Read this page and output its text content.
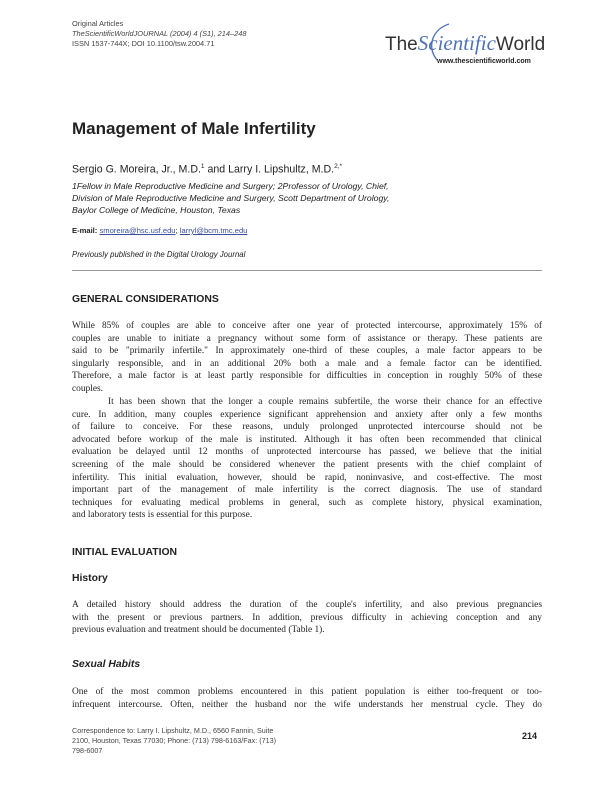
Original Articles
TheScientificWorldJOURNAL (2004) 4 (S1), 214–248
ISSN 1537-744X; DOI 10.1100/tsw.2004.71	TheScientificWorld
www.thescientificworld.com
Management of Male Infertility
Sergio G. Moreira, Jr., M.D.$^1$ and Larry I. Lipshultz, M.D.$^{2,*}$
1Fellow in Male Reproductive Medicine and Surgery; 2Professor of Urology, Chief,
Division of Male Reproductive Medicine and Surgery, Scott Department of Urology,
Baylor College of Medicine, Houston, Texas
E-mail: smoreira@hsc.usf.edu; larryl@bcm.tmc.edu
Previously published in the Digital Urology Journal
GENERAL CONSIDERATIONS
While 85% of couples are able to conceive after one year of protected intercourse, approximately 15% of
couples are unable to initiate a pregnancy without some form of assistance or therapy. These patients are
said to be "primarily infertile." In approximately one-third of these couples, a male factor appears to be
singularly responsible, and in an additional 20% both a male and a female factor can be identified.
Therefore, a male factor is at least partly responsible for difficulties in conception in roughly 50% of these
couples.
It has been shown that the longer a couple remains subfertile, the worse their chance for an effective
cure. In addition, many couples experience significant apprehension and anxiety after only a few months
of failure to conceive. For these reasons, unduly prolonged unprotected intercourse should not be
advocated before workup of the male is instituted. Although it has often been recommended that clinical
evaluation be delayed until 12 months of unprotected intercourse has passed, we believe that the initial
screening of the male should be considered whenever the patient presents with the chief complaint of
infertility. This initial evaluation, however, should be rapid, noninvasive, and cost-effective. The most
important part of the management of male infertility is the correct diagnosis. The use of standard
techniques for evaluating medical problems in general, such as complete history, physical examination,
and laboratory tests is essential for this purpose.
INITIAL EVALUATION
History
A detailed history should address the duration of the couple's infertility, and also previous pregnancies
with the present or previous partners. In addition, previous difficulty in achieving conception and any
previous evaluation and treatment should be documented (Table 1).
Sexual Habits
One of the most common problems encountered in this patient population is either too-frequent or too-
infrequent intercourse. Often, neither the husband nor the wife understands her menstrual cycle. They do
Correspondence to: Larry I. Lipshultz, M.D., 6560 Fannin, Suite
2100, Houston, Texas 77030; Phone: (713) 798-6163/Fax: (713)
798-6007
214
